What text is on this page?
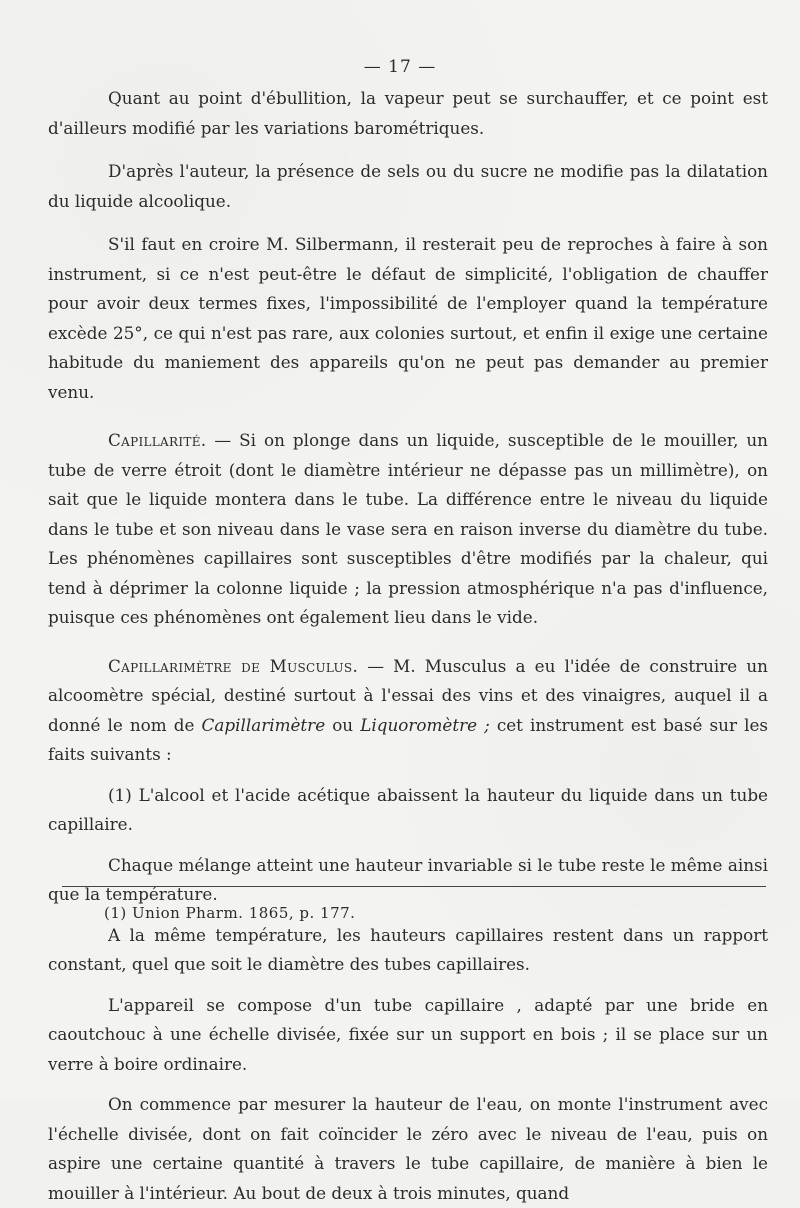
— 17 —

Quant au point d'ébullition, la vapeur peut se surchauffer, et ce point est d'ailleurs modifié par les variations barométriques.

D'après l'auteur, la présence de sels ou du sucre ne modifie pas la dilatation du liquide alcoolique.

S'il faut en croire M. Silbermann, il resterait peu de reproches à faire à son instrument, si ce n'est peut-être le défaut de simplicité, l'obligation de chauffer pour avoir deux termes fixes, l'impossibilité de l'employer quand la température excède 25°, ce qui n'est pas rare, aux colonies surtout, et enfin il exige une certaine habitude du maniement des appareils qu'on ne peut pas demander au premier venu.

Capillarité. — Si on plonge dans un liquide, susceptible de le mouiller, un tube de verre étroit (dont le diamètre intérieur ne dépasse pas un millimètre), on sait que le liquide montera dans le tube. La différence entre le niveau du liquide dans le tube et son niveau dans le vase sera en raison inverse du diamètre du tube. Les phénomènes capillaires sont susceptibles d'être modifiés par la chaleur, qui tend à déprimer la colonne liquide ; la pression atmosphérique n'a pas d'influence, puisque ces phénomènes ont également lieu dans le vide.

Capillarimètre de Musculus. — M. Musculus a eu l'idée de construire un alcoomètre spécial, destiné surtout à l'essai des vins et des vinaigres, auquel il a donné le nom de Capillarimètre ou Liquoromètre ; cet instrument est basé sur les faits suivants :

(1) L'alcool et l'acide acétique abaissent la hauteur du liquide dans un tube capillaire.

Chaque mélange atteint une hauteur invariable si le tube reste le même ainsi que la température.

A la même température, les hauteurs capillaires restent dans un rapport constant, quel que soit le diamètre des tubes capillaires.

L'appareil se compose d'un tube capillaire , adapté par une bride en caoutchouc à une échelle divisée, fixée sur un support en bois ; il se place sur un verre à boire ordinaire.

On commence par mesurer la hauteur de l'eau, on monte l'instrument avec l'échelle divisée, dont on fait coïncider le zéro avec le niveau de l'eau, puis on aspire une certaine quantité à travers le tube capillaire, de manière à bien le mouiller à l'intérieur. Au bout de deux à trois minutes, quand

(1) Union Pharm. 1865, p. 177.
